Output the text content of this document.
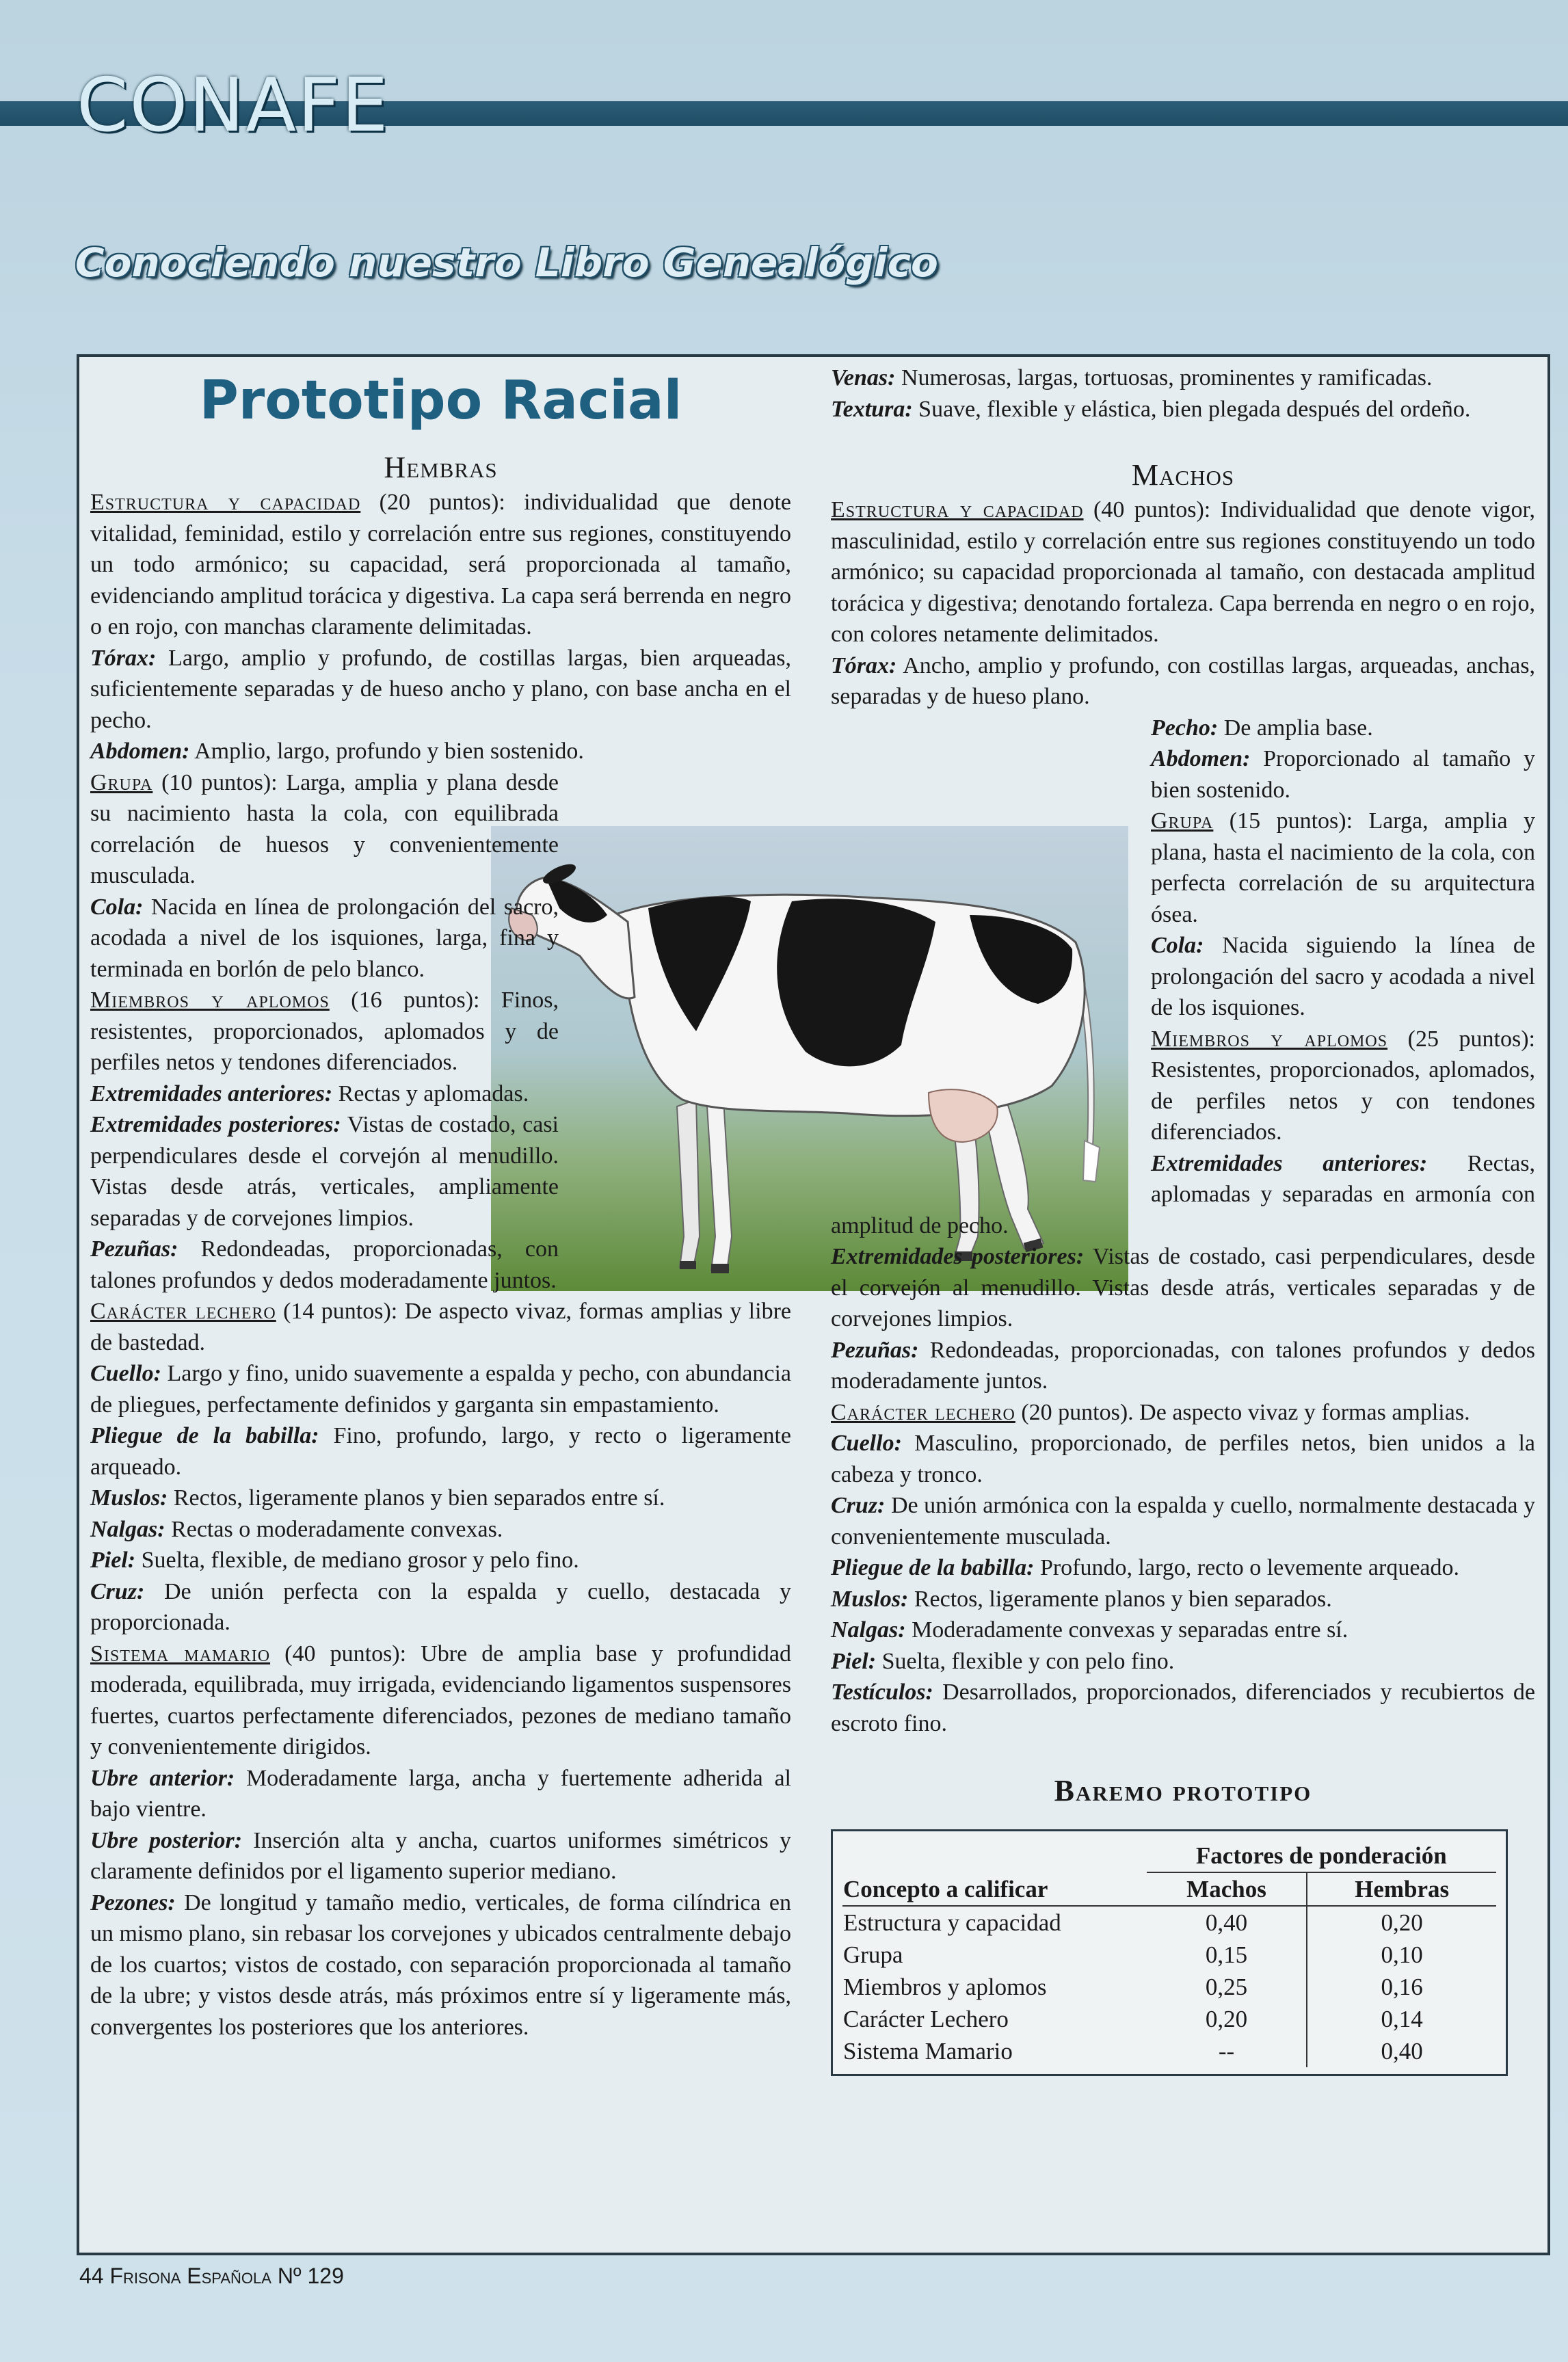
CONAFE
Conociendo nuestro Libro Genealógico
Prototipo Racial
Hembras

Estructura y capacidad (20 puntos): individualidad que denote vitalidad, feminidad, estilo y correlación entre sus regiones, constituyendo un todo armónico; su capacidad, será proporcionada al tamaño, evidenciando amplitud torácica y digestiva. La capa será berrenda en negro o en rojo, con manchas claramente delimitadas.

Tórax: Largo, amplio y profundo, de costillas largas, bien arqueadas, suficientemente separadas y de hueso ancho y plano, con base ancha en el pecho.

Abdomen: Amplio, largo, profundo y bien sostenido.

Grupa (10 puntos): Larga, amplia y plana desde su nacimiento hasta la cola, con equilibrada correlación de huesos y convenientemente musculada.

Cola: Nacida en línea de prolongación del sacro, acodada a nivel de los isquiones, larga, fina y terminada en borlón de pelo blanco.

Miembros y aplomos (16 puntos): Finos, resistentes, proporcionados, aplomados y de perfiles netos y tendones diferenciados.

Extremidades anteriores: Rectas y aplomadas.

Extremidades posteriores: Vistas de costado, casi perpendiculares desde el corvejón al menudillo. Vistas desde atrás, verticales, ampliamente separadas y de corvejones limpios.

Pezuñas: Redondeadas, proporcionadas, con talones profundos y dedos moderadamente juntos.

Carácter lechero (14 puntos): De aspecto vivaz, formas amplias y libre de bastedad.

Cuello: Largo y fino, unido suavemente a espalda y pecho, con abundancia de pliegues, perfectamente definidos y garganta sin empastamiento.

Pliegue de la babilla: Fino, profundo, largo, y recto o ligeramente arqueado.

Muslos: Rectos, ligeramente planos y bien separados entre sí.

Nalgas: Rectas o moderadamente convexas.

Piel: Suelta, flexible, de mediano grosor y pelo fino.

Cruz: De unión perfecta con la espalda y cuello, destacada y proporcionada.

Sistema mamario (40 puntos): Ubre de amplia base y profundidad moderada, equilibrada, muy irrigada, evidenciando ligamentos suspensores fuertes, cuartos perfectamente diferenciados, pezones de mediano tamaño y convenientemente dirigidos.

Ubre anterior: Moderadamente larga, ancha y fuertemente adherida al bajo vientre.

Ubre posterior: Inserción alta y ancha, cuartos uniformes simétricos y claramente definidos por el ligamento superior mediano.

Pezones: De longitud y tamaño medio, verticales, de forma cilíndrica en un mismo plano, sin rebasar los corvejones y ubicados centralmente debajo de los cuartos; vistos de costado, con separación proporcionada al tamaño de la ubre; y vistos desde atrás, más próximos entre sí y ligeramente más, convergentes los posteriores que los anteriores.

Venas: Numerosas, largas, tortuosas, prominentes y ramificadas.

Textura: Suave, flexible y elástica, bien plegada después del ordeño.

Machos

Estructura y capacidad (40 puntos): Individualidad que denote vigor, masculinidad, estilo y correlación entre sus regiones constituyendo un todo armónico; su capacidad proporcionada al tamaño, con destacada amplitud torácica y digestiva; denotando fortaleza. Capa berrenda en negro o en rojo, con colores netamente delimitados.

Tórax: Ancho, amplio y profundo, con costillas largas, arqueadas, anchas, separadas y de hueso plano.

Pecho: De amplia base.

Abdomen: Proporcionado al tamaño y bien sostenido.

Grupa (15 puntos): Larga, amplia y plana, hasta el nacimiento de la cola, con perfecta correlación de su arquitectura ósea.

Cola: Nacida siguiendo la línea de prolongación del sacro y acodada a nivel de los isquiones.

Miembros y aplomos (25 puntos): Resistentes, proporcionados, aplomados, de perfiles netos y con tendones diferenciados.

Extremidades anteriores: Rectas, aplomadas y separadas en armonía con amplitud de pecho.

Extremidades posteriores: Vistas de costado, casi perpendiculares, desde el corvejón al menudillo. Vistas desde atrás, verticales separadas y de corvejones limpios.

Pezuñas: Redondeadas, proporcionadas, con talones profundos y dedos moderadamente juntos.

Carácter lechero (20 puntos). De aspecto vivaz y formas amplias.

Cuello: Masculino, proporcionado, de perfiles netos, bien unidos a la cabeza y tronco.

Cruz: De unión armónica con la espalda y cuello, normalmente destacada y convenientemente musculada.

Pliegue de la babilla: Profundo, largo, recto o levemente arqueado.

Muslos: Rectos, ligeramente planos y bien separados.

Nalgas: Moderadamente convexas y separadas entre sí.

Piel: Suelta, flexible y con pelo fino.

Testículos: Desarrollados, proporcionados, diferenciados y recubiertos de escroto fino.

Baremo prototipo
	Factores de ponderación	
Concepto a calificar	Machos	Hembras
Estructura y capacidad	0,40	0,20
Grupa	0,15	0,10
Miembros y aplomos	0,25	0,16
Carácter Lechero	0,20	0,14
Sistema Mamario	--	0,40
44 Frisona Española Nº 129
